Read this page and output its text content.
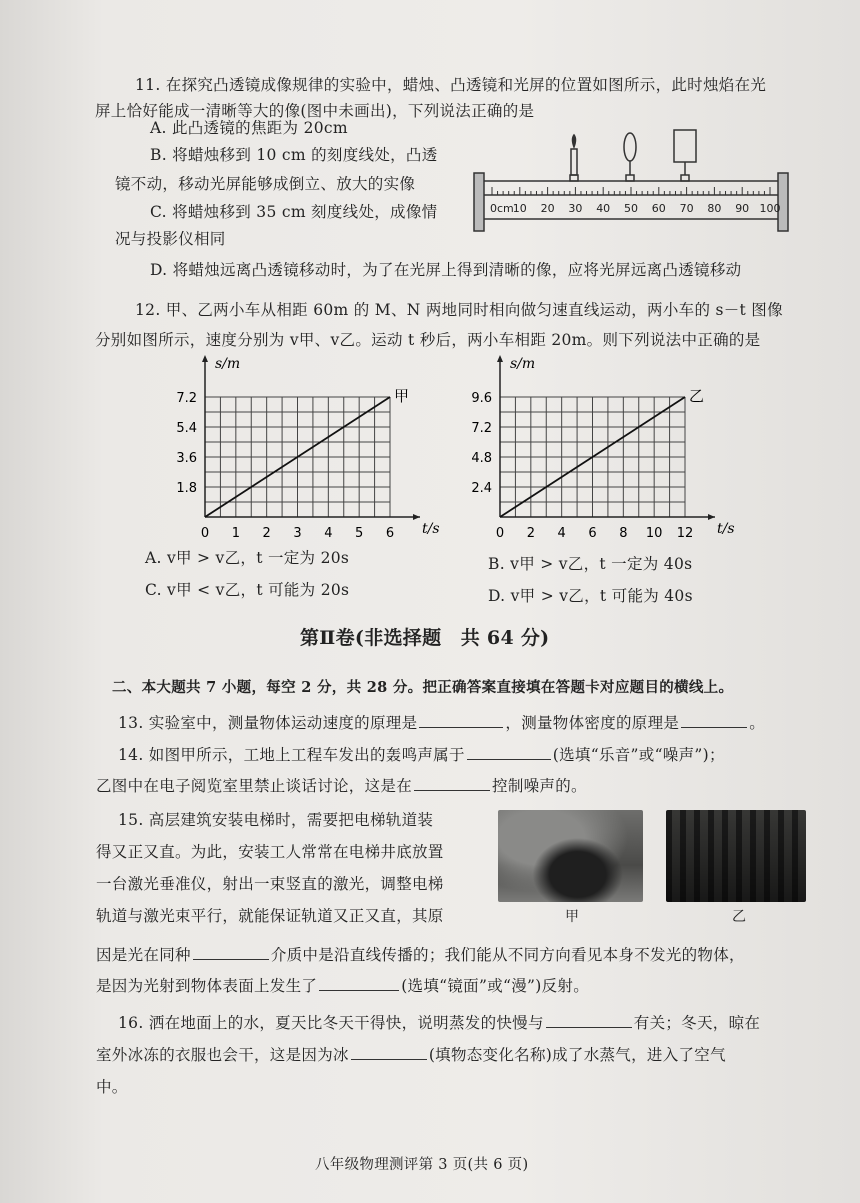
11. 在探究凸透镜成像规律的实验中，蜡烛、凸透镜和光屏的位置如图所示，此时烛焰在光
屏上恰好能成一清晰等大的像(图中未画出)，下列说法正确的是
A. 此凸透镜的焦距为 20cm
B. 将蜡烛移到 10 cm 的刻度线处，凸透
镜不动，移动光屏能够成倒立、放大的实像
C. 将蜡烛移到 35 cm 刻度线处，成像情
况与投影仪相同
D. 将蜡烛远离凸透镜移动时，为了在光屏上得到清晰的像，应将光屏远离凸透镜移动
0cm 10 20 30 40 50 60 70 80 90 100
12. 甲、乙两小车从相距 60m 的 M、N 两地同时相向做匀速直线运动，两小车的 s－t 图像
分别如图所示，速度分别为 v甲、v乙。运动 t 秒后，两小车相距 20m。则下列说法中正确的是
s/m
t/s
0 1 2 3 4 5 6
1.8
3.6
5.4
7.2	甲
s/m
t/s
0 2 4 6 8 10 12
2.4
4.8
7.2
9.6	乙
A. v甲 > v乙，t 一定为 20s	B. v甲 > v乙，t 一定为 40s
C. v甲 < v乙，t 可能为 20s	D. v甲 > v乙，t 可能为 40s
第Ⅱ卷(非选择题　共 64 分)
二、本大题共 7 小题，每空 2 分，共 28 分。把正确答案直接填在答题卡对应题目的横线上。
13. 实验室中，测量物体运动速度的原理是	，测量物体密度的原理是	。
14. 如图甲所示，工地上工程车发出的轰鸣声属于	(选填“乐音”或“噪声”)；
乙图中在电子阅览室里禁止谈话讨论，这是在	控制噪声的。
15. 高层建筑安装电梯时，需要把电梯轨道装
得又正又直。为此，安装工人常常在电梯井底放置
一台激光垂准仪，射出一束竖直的激光，调整电梯
轨道与激光束平行，就能保证轨道又正又直，其原
因是光在同种	介质中是沿直线传播的；我们能从不同方向看见本身不发光的物体，
是因为光射到物体表面上发生了	(选填“镜面”或“漫”)反射。
甲	乙
16. 洒在地面上的水，夏天比冬天干得快，说明蒸发的快慢与	有关；冬天，晾在
室外冰冻的衣服也会干，这是因为冰	(填物态变化名称)成了水蒸气，进入了空气
中。
八年级物理测评第 3 页(共 6 页)
